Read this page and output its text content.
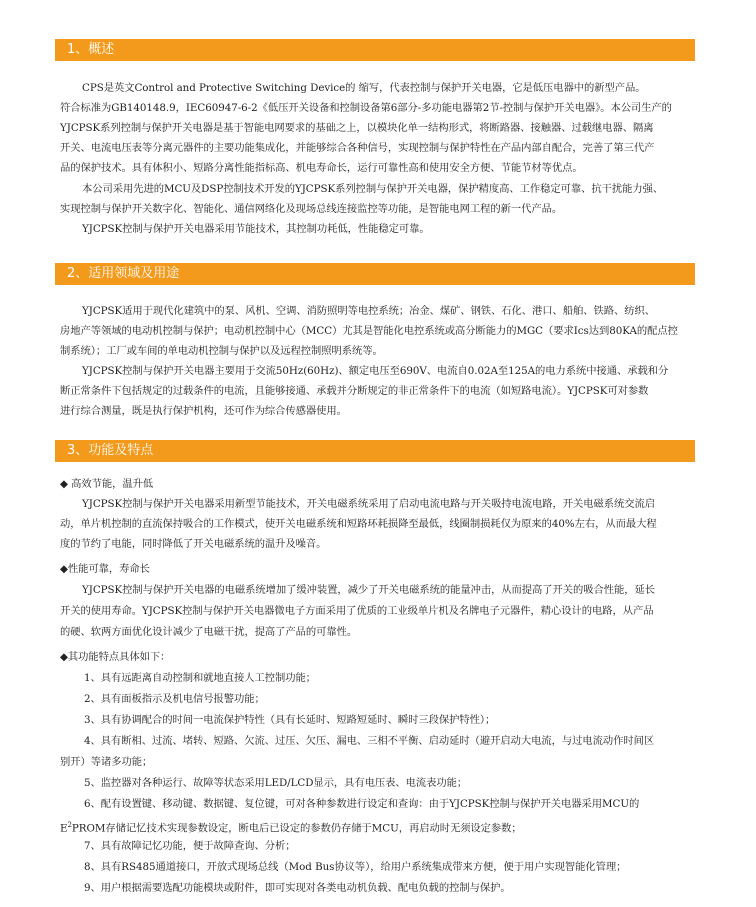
1、概述
CPS是英文Control and Protective Switching Device的 缩写，代表控制与保护开关电器，它是低压电器中的新型产品。
符合标准为GB140148.9，IEC60947-6-2《低压开关设备和控制设备第6部分-多功能电器第2节-控制与保护开关电器》。本公司生产的
YJCPSK系列控制与保护开关电器是基于智能电网要求的基础之上，以模块化单一结构形式，将断路器、接触器、过载继电器、隔离
开关、电流电压表等分离元器件的主要功能集成化，并能够综合各种信号，实现控制与保护特性在产品内部自配合，完善了第三代产
品的保护技术。具有体积小、短路分离性能指标高、机电寿命长，运行可靠性高和使用安全方便、节能节材等优点。
本公司采用先进的MCU及DSP控制技术开发的YJCPSK系列控制与保护开关电器，保护精度高、工作稳定可靠、抗干扰能力强、
实现控制与保护开关数字化、智能化、通信网络化及现场总线连接监控等功能，是智能电网工程的新一代产品。
YJCPSK控制与保护开关电器采用节能技术，其控制功耗低，性能稳定可靠。
2、适用领域及用途
YJCPSK适用于现代化建筑中的泵、风机、空调、消防照明等电控系统；冶金、煤矿、钢铁、石化、港口、船舶、铁路、纺织、
房地产等领域的电动机控制与保护；电动机控制中心（MCC）尤其是智能化电控系统或高分断能力的MGC（要求Ics达到80KA的配点控
制系统）；工厂或车间的单电动机控制与保护以及远程控制照明系统等。
YJCPSK控制与保护开关电器主要用于交流50Hz(60Hz)、额定电压至690V、电流自0.02A至125A的电力系统中接通、承载和分
断正常条件下包括规定的过载条件的电流，且能够接通、承载并分断规定的非正常条件下的电流（如短路电流）。YJCPSK可对参数
进行综合测量，既是执行保护机构，还可作为综合传感器使用。
3、功能及特点
◆ 高效节能，温升低
YJCPSK控制与保护开关电器采用新型节能技术，开关电磁系统采用了启动电流电路与开关吸持电流电路，开关电磁系统交流启
动，单片机控制的直流保持吸合的工作模式，使开关电磁系统和短路环耗损降至最低，线圈制损耗仅为原来的40%左右，从而最大程
度的节约了电能，同时降低了开关电磁系统的温升及噪音。
◆性能可靠，寿命长
YJCPSK控制与保护开关电器的电磁系统增加了缓冲装置，减少了开关电磁系统的能量冲击，从而提高了开关的吸合性能，延长
开关的使用寿命。YJCPSK控制与保护开关电器微电子方面采用了优质的工业级单片机及名牌电子元器件，精心设计的电路，从产品
的硬、软两方面优化设计减少了电磁干扰，提高了产品的可靠性。
◆其功能特点具体如下：
1、具有远距离自动控制和就地直接人工控制功能；
2、具有面板指示及机电信号报警功能；
3、具有协调配合的时间一电流保护特性（具有长延时、短路短延时、瞬时三段保护特性）；
4、具有断相、过流、堵转、短路、欠流、过压、欠压、漏电、三相不平衡、启动延时（避开启动大电流，与过电流动作时间区
别开）等诸多功能；
5、监控器对各种运行、故障等状态采用LED/LCD显示，具有电压表、电流表功能；
6、配有设置键、移动键、数据键、复位键，可对各种参数进行设定和查询：由于YJCPSK控制与保护开关电器采用MCU的
$E^2PROM$存储记忆技术实现参数设定，断电后已设定的参数仍存储于MCU，再启动时无须设定参数；
7、具有故障记忆功能，便于故障查询、分析；
8、具有RS485通道接口，开放式现场总线（Mod Bus协议等），给用户系统集成带来方便，便于用户实现智能化管理；
9、用户根据需要选配功能模块或附件，即可实现对各类电动机负载、配电负载的控制与保护。
